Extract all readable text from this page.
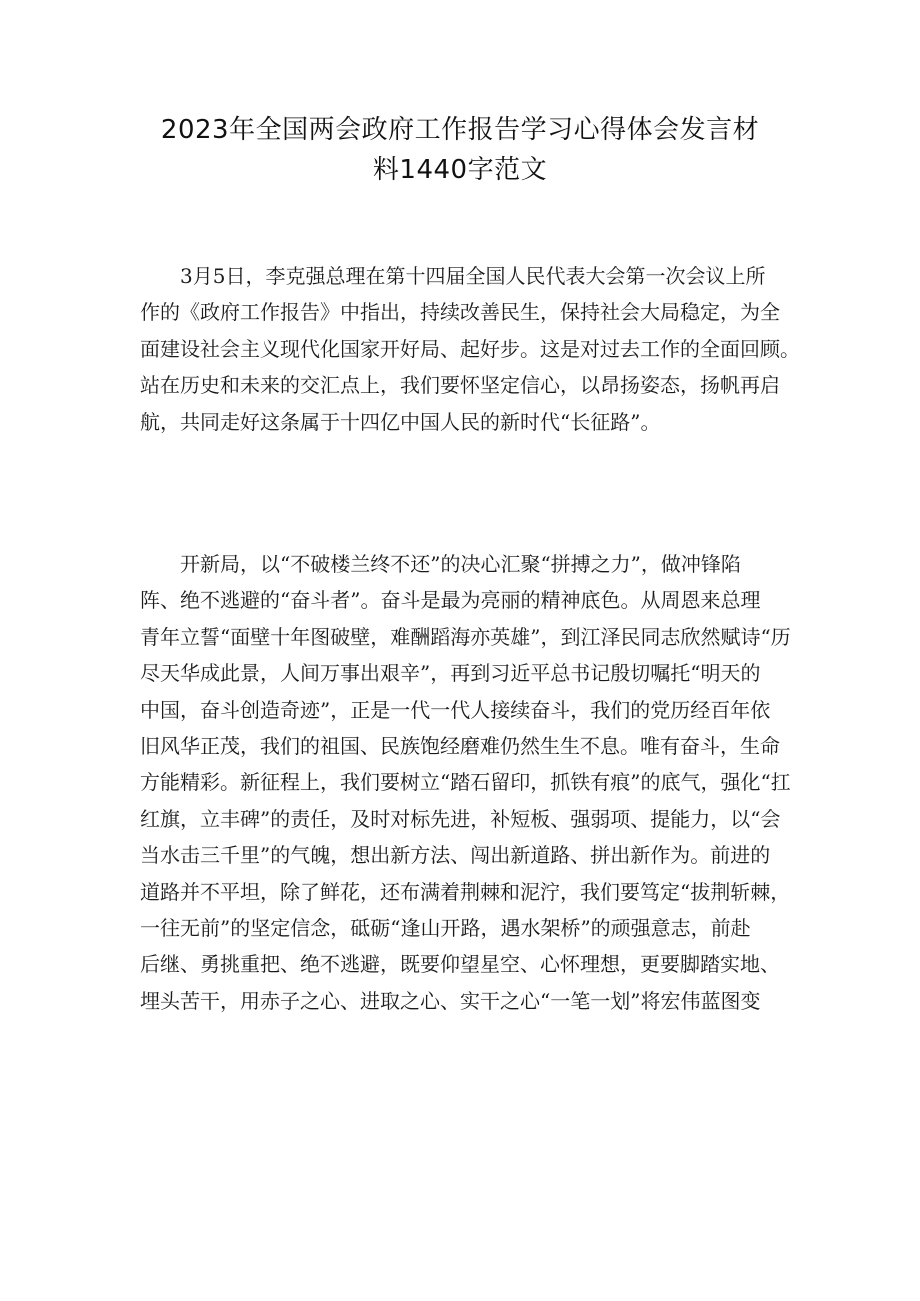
2023年全国两会政府工作报告学习心得体会发言材
料1440字范文
3月5日，李克强总理在第十四届全国人民代表大会第一次会议上所
作的《政府工作报告》中指出，持续改善民生，保持社会大局稳定，为全
面建设社会主义现代化国家开好局、起好步。这是对过去工作的全面回顾。
站在历史和未来的交汇点上，我们要怀坚定信心，以昂扬姿态，扬帆再启
航，共同走好这条属于十四亿中国人民的新时代“长征路”。
开新局，以“不破楼兰终不还”的决心汇聚“拼搏之力”，做冲锋陷
阵、绝不逃避的“奋斗者”。奋斗是最为亮丽的精神底色。从周恩来总理
青年立誓“面壁十年图破壁，难酬蹈海亦英雄”，到江泽民同志欣然赋诗“历
尽天华成此景，人间万事出艰辛”，再到习近平总书记殷切嘱托“明天的
中国，奋斗创造奇迹”，正是一代一代人接续奋斗，我们的党历经百年依
旧风华正茂，我们的祖国、民族饱经磨难仍然生生不息。唯有奋斗，生命
方能精彩。新征程上，我们要树立“踏石留印，抓铁有痕”的底气，强化“扛
红旗，立丰碑”的责任，及时对标先进，补短板、强弱项、提能力，以“会
当水击三千里”的气魄，想出新方法、闯出新道路、拼出新作为。前进的
道路并不平坦，除了鲜花，还布满着荆棘和泥泞，我们要笃定“拔荆斩棘，
一往无前”的坚定信念，砥砺“逢山开路，遇水架桥”的顽强意志，前赴
后继、勇挑重把、绝不逃避，既要仰望星空、心怀理想，更要脚踏实地、
埋头苦干，用赤子之心、进取之心、实干之心“一笔一划”将宏伟蓝图变
